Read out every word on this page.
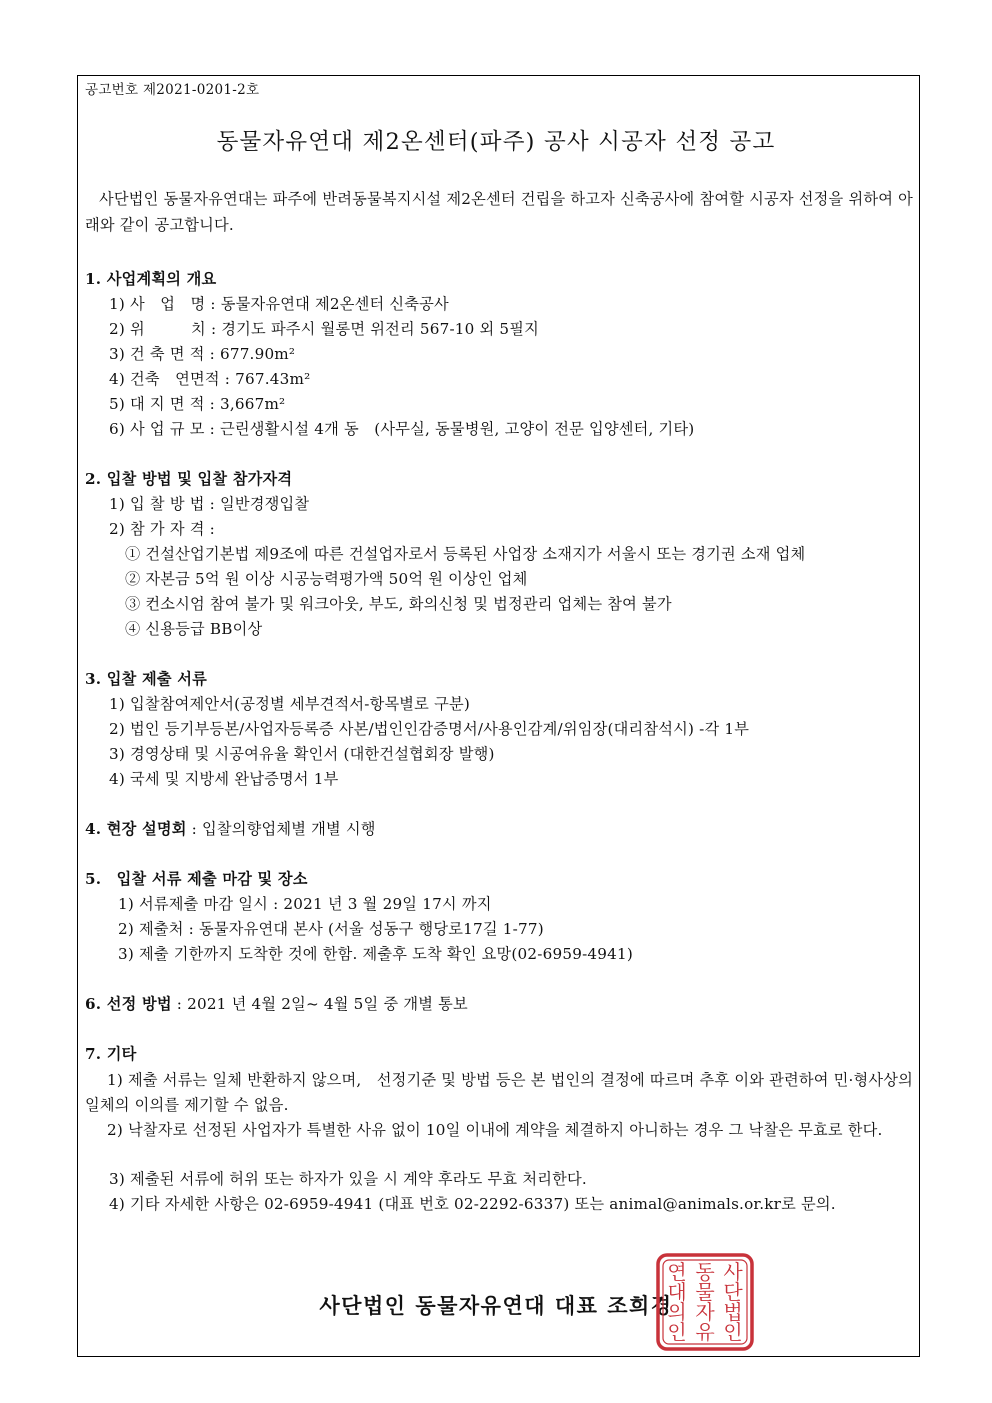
공고번호 제2021-0201-2호
동물자유연대 제2온센터(파주) 공사 시공자 선정 공고
사단법인 동물자유연대는 파주에 반려동물복지시설 제2온센터 건립을 하고자 신축공사에 참여할 시공자 선정을 위하여 아래와 같이 공고합니다.
1. 사업계획의 개요
1) 사　업　명 : 동물자유연대 제2온센터 신축공사
2) 위　　　치 : 경기도 파주시 월롱면 위전리 567-10 외 5필지
3) 건 축 면 적 : 677.90m²
4) 건축　연면적 : 767.43m²
5) 대 지 면 적 : 3,667m²
6) 사 업 규 모 : 근린생활시설 4개 동　(사무실, 동물병원, 고양이 전문 입양센터, 기타)
2. 입찰 방법 및 입찰 참가자격
1) 입 찰 방 법 : 일반경쟁입찰
2) 참 가 자 격 :
① 건설산업기본법 제9조에 따른 건설업자로서 등록된 사업장 소재지가 서울시 또는 경기권 소재 업체
② 자본금 5억 원 이상 시공능력평가액 50억 원 이상인 업체
③ 컨소시엄 참여 불가 및 워크아웃, 부도, 화의신청 및 법정관리 업체는 참여 불가
④ 신용등급 BB이상
3. 입찰 제출 서류
1) 입찰참여제안서(공정별 세부견적서-항목별로 구분)
2) 법인 등기부등본/사업자등록증 사본/법인인감증명서/사용인감계/위임장(대리참석시) -각 1부
3) 경영상태 및 시공여유율 확인서 (대한건설협회장 발행)
4) 국세 및 지방세 완납증명서 1부
4. 현장 설명회 : 입찰의향업체별 개별 시행
5.　입찰 서류 제출 마감 및 장소
1) 서류제출 마감 일시 : 2021 년 3 월 29일 17시 까지
2) 제출처 : 동물자유연대 본사 (서울 성동구 행당로17길 1-77)
3) 제출 기한까지 도착한 것에 한함. 제출후 도착 확인 요망(02-6959-4941)
6. 선정 방법 : 2021 년 4월 2일~ 4월 5일 중 개별 통보
7. 기타
1) 제출 서류는 일체 반환하지 않으며,　선정기준 및 방법 등은 본 법인의 결정에 따르며 추후 이와 관련하여 민·형사상의 일체의 이의를 제기할 수 없음.
2) 낙찰자로 선정된 사업자가 특별한 사유 없이 10일 이내에 계약을 체결하지 아니하는 경우 그 낙찰은 무효로 한다.
3) 제출된 서류에 허위 또는 하자가 있을 시 계약 후라도 무효 처리한다.
4) 기타 자세한 사항은 02-6959-4941 (대표 번호 02-2292-6337) 또는 animal@animals.or.kr로 문의.
사단법인 동물자유연대 대표 조희경
사
단
법
인
동
물
자
유
연
대
의
인
